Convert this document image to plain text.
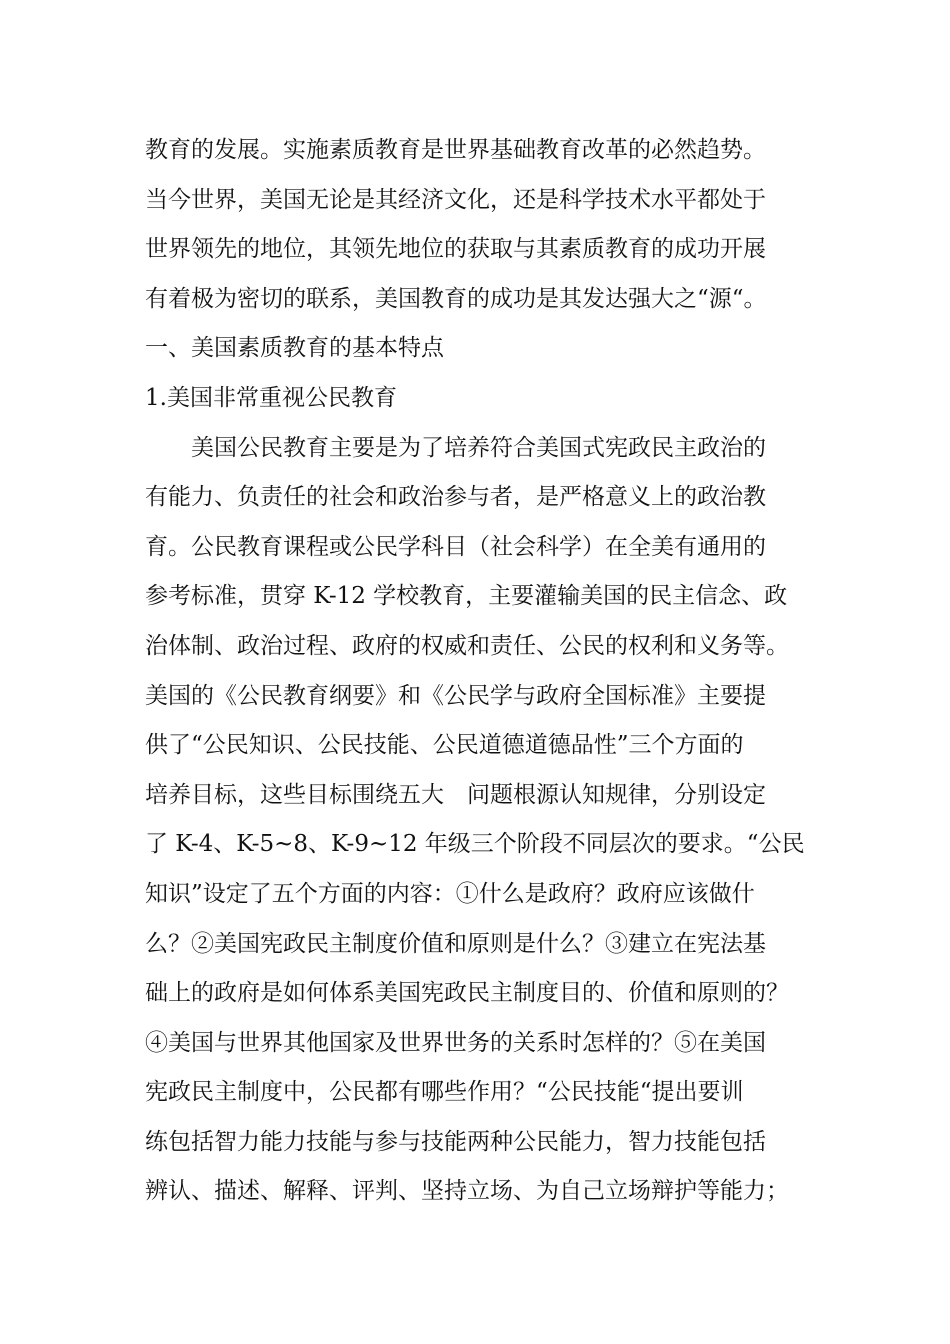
教育的发展。实施素质教育是世界基础教育改革的必然趋势。
当今世界，美国无论是其经济文化，还是科学技术水平都处于
世界领先的地位，其领先地位的获取与其素质教育的成功开展
有着极为密切的联系，美国教育的成功是其发达强大之“源“。
一、美国素质教育的基本特点
1.美国非常重视公民教育
美国公民教育主要是为了培养符合美国式宪政民主政治的
有能力、负责任的社会和政治参与者，是严格意义上的政治教
育。公民教育课程或公民学科目（社会科学）在全美有通用的
参考标准，贯穿 K-12 学校教育，主要灌输美国的民主信念、政
治体制、政治过程、政府的权威和责任、公民的权利和义务等。
美国的《公民教育纲要》和《公民学与政府全国标准》主要提
供了“公民知识、公民技能、公民道德道德品性”三个方面的
培养目标，这些目标围绕五大　问题根源认知规律，分别设定
了 K-4、K-5~8、K-9~12 年级三个阶段不同层次的要求。“公民
知识”设定了五个方面的内容：①什么是政府？政府应该做什
么？②美国宪政民主制度价值和原则是什么？③建立在宪法基
础上的政府是如何体系美国宪政民主制度目的、价值和原则的？
④美国与世界其他国家及世界世务的关系时怎样的？⑤在美国
宪政民主制度中，公民都有哪些作用？“公民技能“提出要训
练包括智力能力技能与参与技能两种公民能力，智力技能包括
辨认、描述、解释、评判、坚持立场、为自己立场辩护等能力；
